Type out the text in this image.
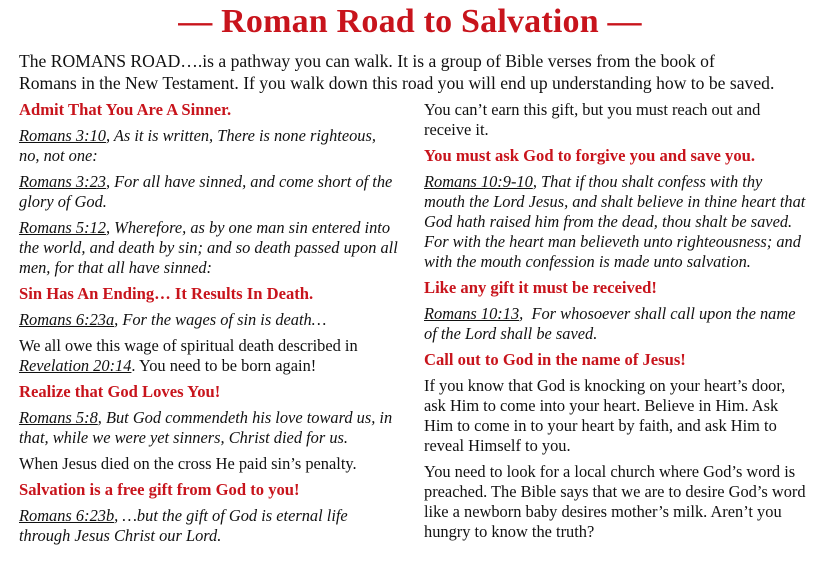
— Roman Road to Salvation —
The ROMANS ROAD….is a pathway you can walk. It is a group of Bible verses from the book of
Romans in the New Testament. If you walk down this road you will end up understanding how to be saved.
Admit That You Are A Sinner.
Romans 3:10, As it is written, There is none righteous,
no, not one:
Romans 3:23, For all have sinned, and come short of the
glory of God.
Romans 5:12, Wherefore, as by one man sin entered into
the world, and death by sin; and so death passed upon all
men, for that all have sinned:
Sin Has An Ending… It Results In Death.
Romans 6:23a, For the wages of sin is death…
We all owe this wage of spiritual death described in
Revelation 20:14. You need to be born again!
Realize that God Loves You!
Romans 5:8, But God commendeth his love toward us, in
that, while we were yet sinners, Christ died for us.
When Jesus died on the cross He paid sin’s penalty.
Salvation is a free gift from God to you!
Romans 6:23b, …but the gift of God is eternal life
through Jesus Christ our Lord.
You can’t earn this gift, but you must reach out and
receive it.
You must ask God to forgive you and save you.
Romans 10:9-10, That if thou shalt confess with thy
mouth the Lord Jesus, and shalt believe in thine heart that
God hath raised him from the dead, thou shalt be saved.
For with the heart man believeth unto righteousness; and
with the mouth confession is made unto salvation.
Like any gift it must be received!
Romans 10:13,  For whosoever shall call upon the name
of the Lord shall be saved.
Call out to God in the name of Jesus!
If you know that God is knocking on your heart’s door,
ask Him to come into your heart. Believe in Him. Ask
Him to come in to your heart by faith, and ask Him to
reveal Himself to you.
You need to look for a local church where God’s word is
preached. The Bible says that we are to desire God’s word
like a newborn baby desires mother’s milk. Aren’t you
hungry to know the truth?
